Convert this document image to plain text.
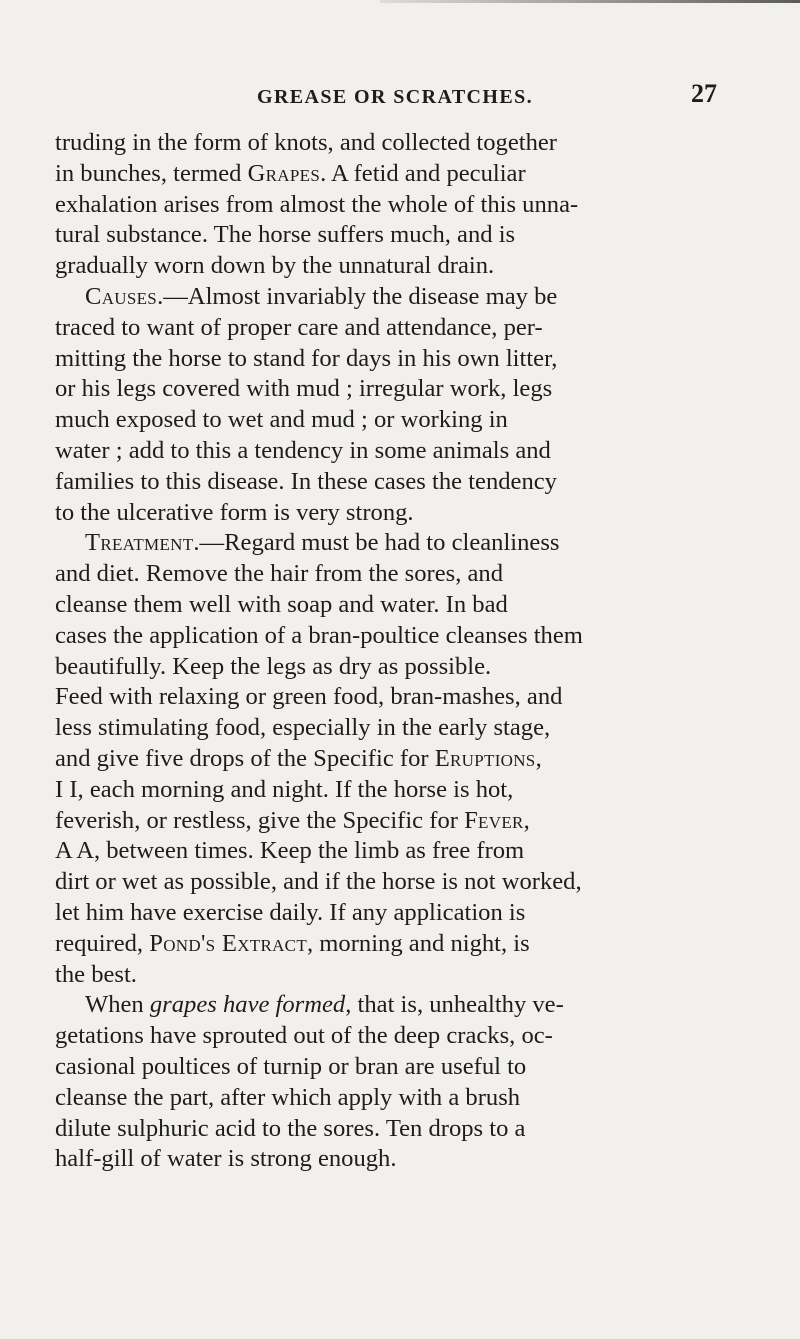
GREASE OR SCRATCHES.	27
truding in the form of knots, and collected together
in bunches, termed Grapes. A fetid and peculiar
exhalation arises from almost the whole of this unna-
tural substance. The horse suffers much, and is
gradually worn down by the unnatural drain.
Causes.—Almost invariably the disease may be
traced to want of proper care and attendance, per-
mitting the horse to stand for days in his own litter,
or his legs covered with mud ; irregular work, legs
much exposed to wet and mud ; or working in
water ; add to this a tendency in some animals and
families to this disease. In these cases the tendency
to the ulcerative form is very strong.
Treatment.—Regard must be had to cleanliness
and diet. Remove the hair from the sores, and
cleanse them well with soap and water. In bad
cases the application of a bran-poultice cleanses them
beautifully. Keep the legs as dry as possible.
Feed with relaxing or green food, bran-mashes, and
less stimulating food, especially in the early stage,
and give five drops of the Specific for Eruptions,
I I, each morning and night. If the horse is hot,
feverish, or restless, give the Specific for Fever,
A A, between times. Keep the limb as free from
dirt or wet as possible, and if the horse is not worked,
let him have exercise daily. If any application is
required, Pond's Extract, morning and night, is
the best.
When grapes have formed, that is, unhealthy ve-
getations have sprouted out of the deep cracks, oc-
casional poultices of turnip or bran are useful to
cleanse the part, after which apply with a brush
dilute sulphuric acid to the sores. Ten drops to a
half-gill of water is strong enough.
